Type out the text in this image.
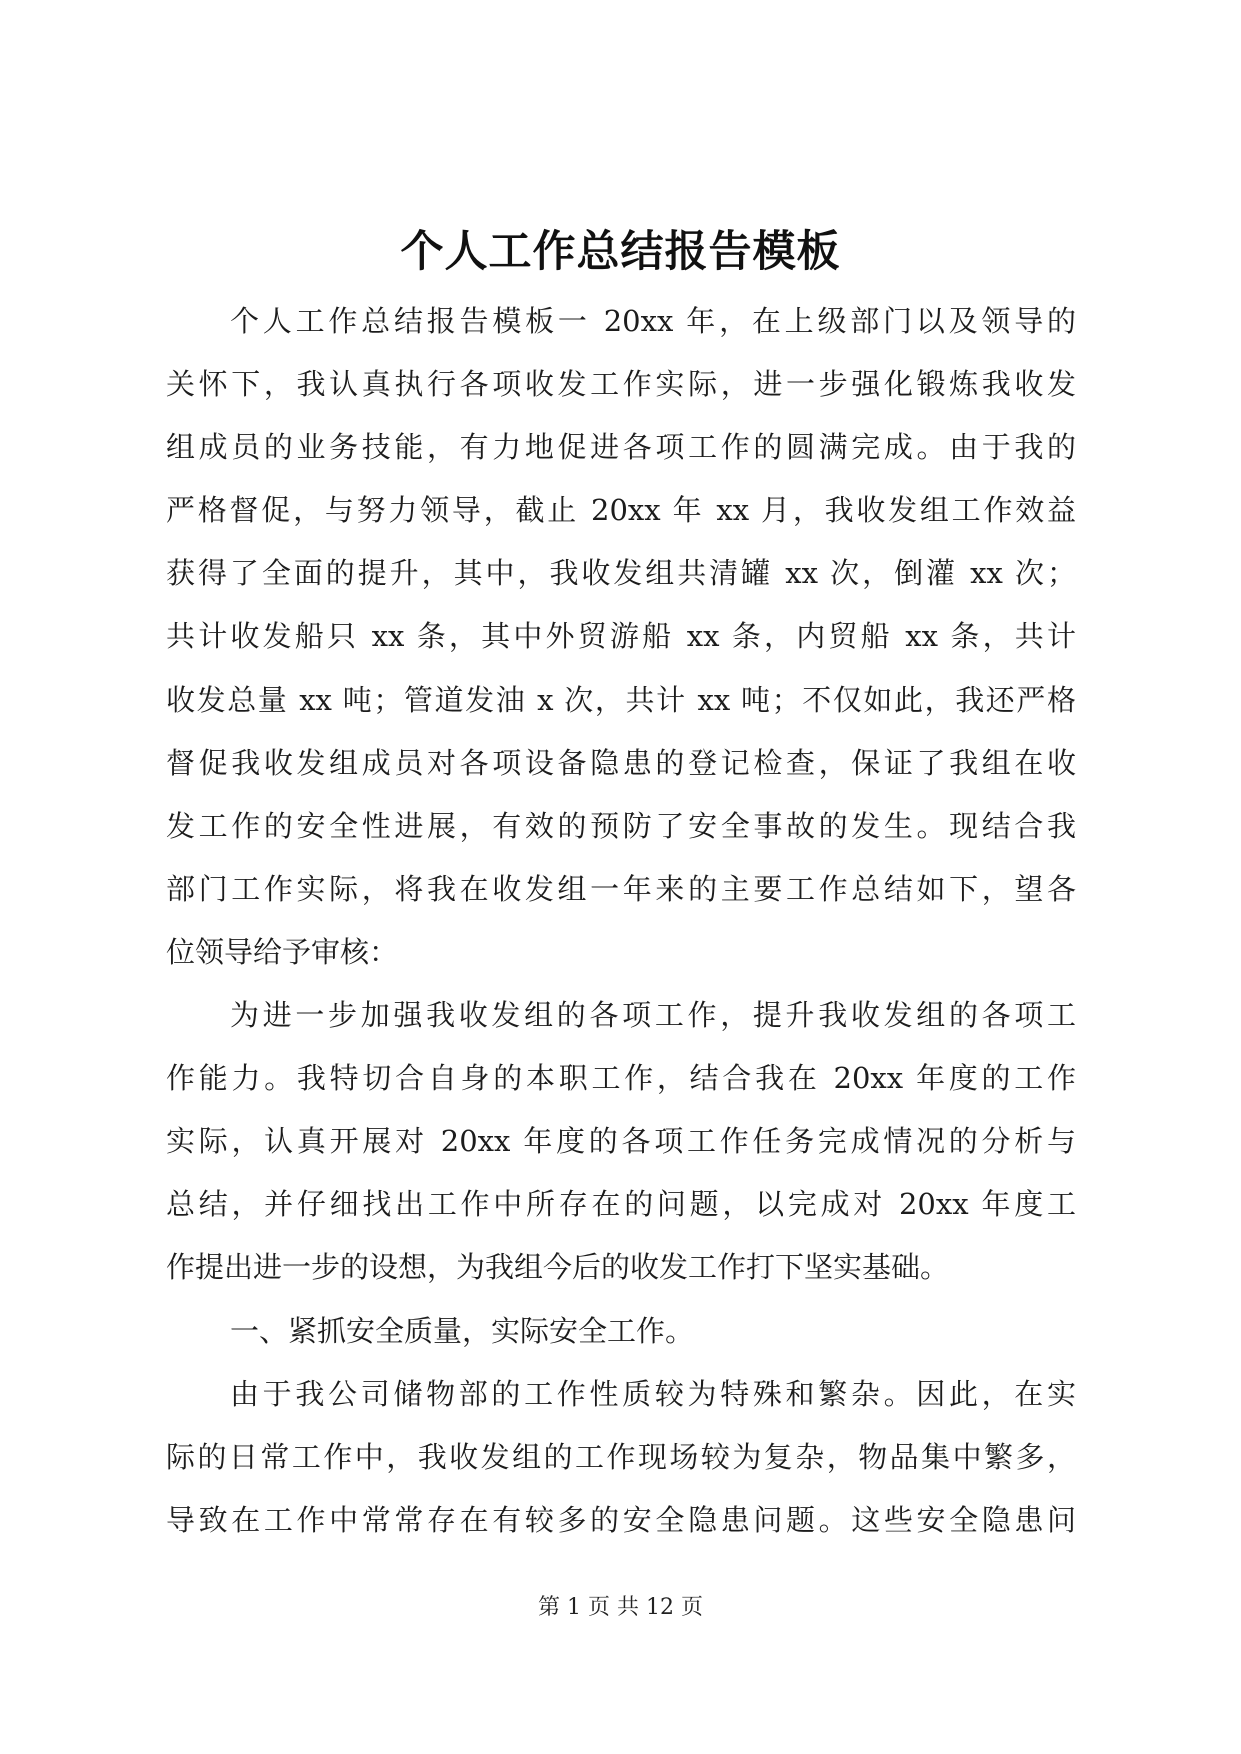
个人工作总结报告模板
个人工作总结报告模板一 20xx 年，在上级部门以及领导的
关怀下，我认真执行各项收发工作实际，进一步强化锻炼我收发
组成员的业务技能，有力地促进各项工作的圆满完成。由于我的
严格督促，与努力领导，截止 20xx 年 xx 月，我收发组工作效益
获得了全面的提升，其中，我收发组共清罐 xx 次，倒灌 xx 次；
共计收发船只 xx 条，其中外贸游船 xx 条，内贸船 xx 条，共计
收发总量 xx 吨；管道发油 x 次，共计 xx 吨；不仅如此，我还严格
督促我收发组成员对各项设备隐患的登记检查，保证了我组在收
发工作的安全性进展，有效的预防了安全事故的发生。现结合我
部门工作实际，将我在收发组一年来的主要工作总结如下，望各
位领导给予审核：
为进一步加强我收发组的各项工作，提升我收发组的各项工
作能力。我特切合自身的本职工作，结合我在 20xx 年度的工作
实际，认真开展对 20xx 年度的各项工作任务完成情况的分析与
总结，并仔细找出工作中所存在的问题，以完成对 20xx 年度工
作提出进一步的设想，为我组今后的收发工作打下坚实基础。
一、紧抓安全质量，实际安全工作。
由于我公司储物部的工作性质较为特殊和繁杂。因此，在实
际的日常工作中，我收发组的工作现场较为复杂，物品集中繁多，
导致在工作中常常存在有较多的安全隐患问题。这些安全隐患问
第 1 页 共 12 页
